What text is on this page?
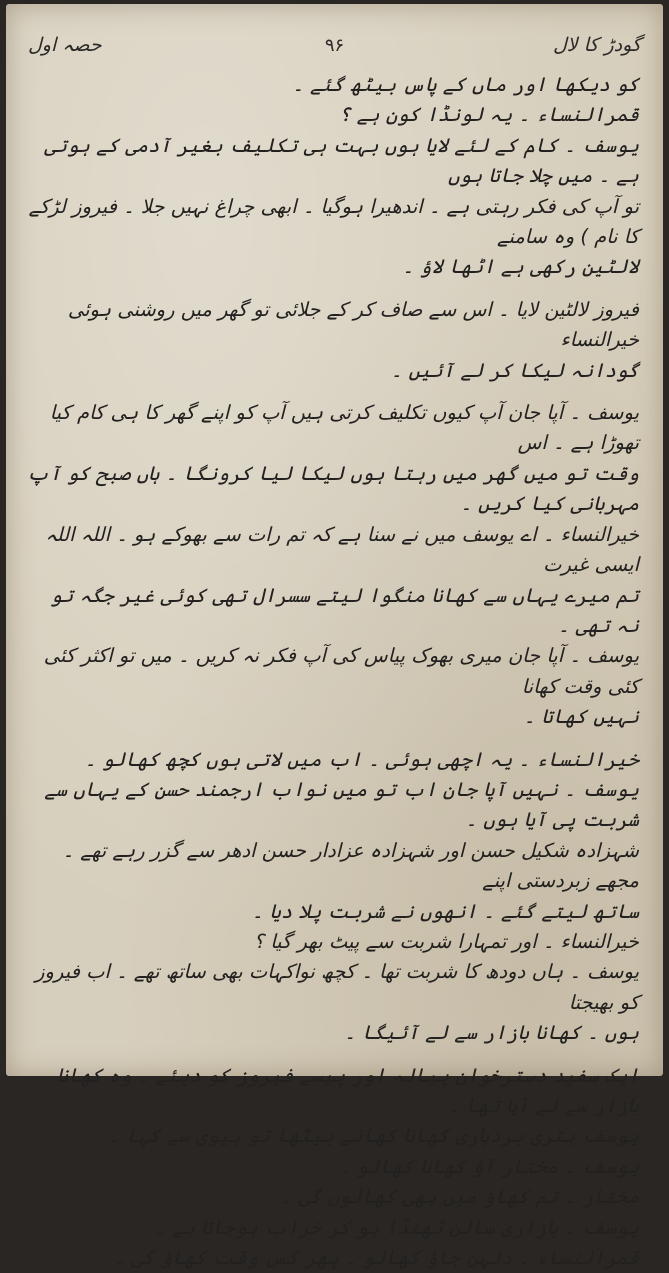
گودڑ کا لال
۹۶
حصہ اول

کو دیکھا اور ماں کے پاس بیٹھ گئے ۔

قمرالنساء ۔ یہ لونڈا کون ہے ؟

یوسف ۔ کام کے لئے لایا ہوں بہت ہی تکلیف بغیر آدمی کے ہوتی ہے ۔ میں چلا جاتا ہوں

تو آپ کی فکر رہتی ہے ۔ اندھیرا ہوگیا ۔ ابھی چراغ نہیں جلا ۔ فیروز لڑکے کا نام ) وہ سامنے

لالٹین رکھی ہے اٹھا لاؤ ۔

فیروز لالٹین لایا ۔ اس سے صاف کر کے جلائی تو گھر میں روشنی ہوئی خیرالنساء

گودانہ لیکا کر لے آئیں ۔

یوسف ۔ آپا جان آپ کیوں تکلیف کرتی ہیں آپ کو اپنے گھر کا ہی کام کیا تھوڑا ہے ۔ اس

وقت تو میں گھر میں رہتا ہوں لیکا لیا کرونگا ۔ ہاں صبح کو آپ مہربانی کیا کریں ۔

خیرالنساء ۔ اے یوسف میں نے سنا ہے کہ تم رات سے بھوکے ہو ۔ اللہ اللہ ایسی غیرت

تم میرے یہاں سے کھانا منگوا لیتے سسرال تھی کوئی غیر جگہ تو نہ تھی ۔

یوسف ۔ آپا جان میری بھوک پیاس کی آپ فکر نہ کریں ۔ میں تو اکثر کئی کئی وقت کھانا

نہیں کھاتا ۔

خیرالنساء ۔ یہ اچھی ہوئی ۔ اب میں لاتی ہوں کچھ کھالو ۔

یوسف ۔ نہیں آپا جان اب تو میں نواب ارجمند حسن کے یہاں سے شربت پی آیا ہوں ۔

شہزادہ شکیل حسن اور شہزادہ عزادار حسن ادھر سے گزر رہے تھے ۔ مجھے زبردستی اپنے

ساتھ لیتے گئے ۔ انھوں نے شربت پلا دیا ۔

خیرالنساء ۔ اور تمہارا شربت سے پیٹ بھر گیا ؟

یوسف ۔ ہاں دودھ کا شربت تھا ۔ کچھ نواکہات بھی ساتھ تھے ۔ اب فیروز کو بھیجتا

ہوں ۔ کھانا بازار سے لے آئیگا ۔

ایک سفید دسترخوان پیالہ اور پیسے فیروز کو دیئے ۔ وہ کھانا بازار سے لے آیا تھا ۔

یوسف بتری بردباری کھانا کھانے بیٹھا تو بیوی سے کہا ۔

یوسف ۔ مختار آؤ کھانا کھالو ۔

مختار ۔ تم کھاؤ میں بھی کھالوں گی ۔

یوسف ۔ بازاری سالن ٹھنڈا ہو کر خراب ہوجاتا ہے ۔

قمرالنساء ۔ دلہن جاؤ کھالو ۔ پھر کس وقت کھاؤ گی ۔
